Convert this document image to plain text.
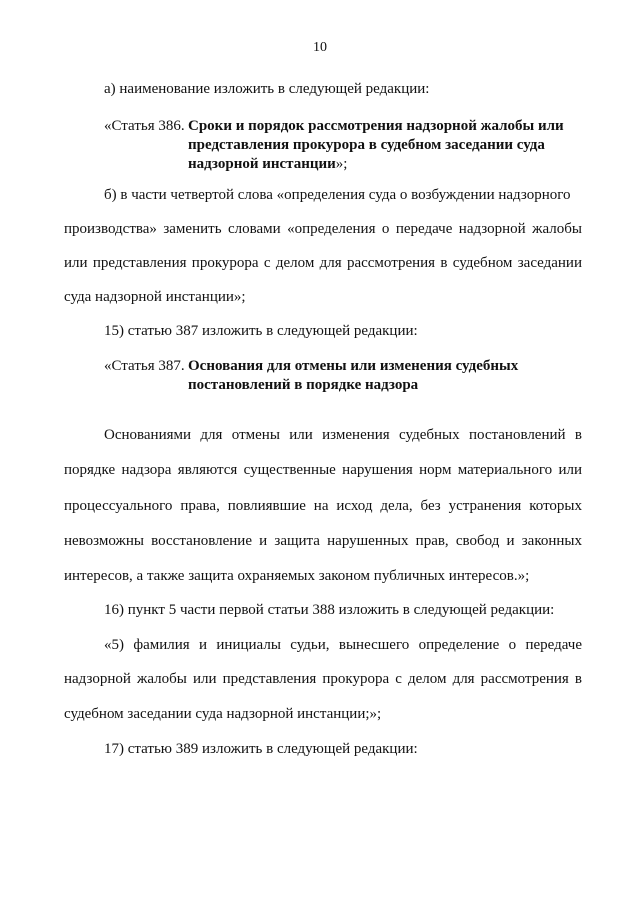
10
а) наименование изложить в следующей редакции:
«Статья 386. Сроки и порядок рассмотрения надзорной жалобы или
представления прокурора в судебном заседании суда
надзорной инстанции»;
б) в части четвертой слова «определения суда о возбуждении надзорного
производства» заменить словами «определения о передаче надзорной жалобы
или представления прокурора с делом для рассмотрения в судебном заседании
суда надзорной инстанции»;
15) статью 387 изложить в следующей редакции:
«Статья 387. Основания для отмены или изменения судебных
постановлений в порядке надзора
Основаниями для отмены или изменения судебных постановлений в
порядке надзора являются существенные нарушения норм материального или
процессуального права, повлиявшие на исход дела, без устранения которых
невозможны восстановление и защита нарушенных прав, свобод и законных
интересов, а также защита охраняемых законом публичных интересов.»;
16) пункт 5 части первой статьи 388 изложить в следующей редакции:
«5) фамилия и инициалы судьи, вынесшего определение о передаче
надзорной жалобы или представления прокурора с делом для рассмотрения в
судебном заседании суда надзорной инстанции;»;
17) статью 389 изложить в следующей редакции:
